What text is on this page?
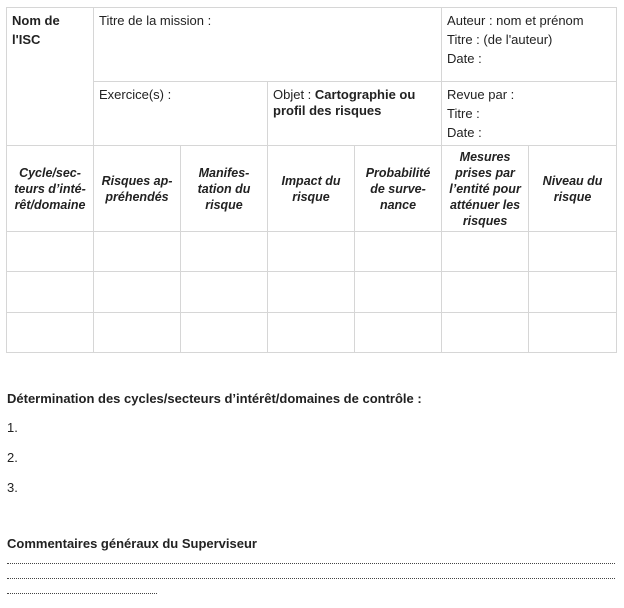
Nom de l'ISC	Titre de la mission :				Auteur : nom et prénom
Titre : (de l'auteur)
Date :	

	Exercice(s) :		Objet : Cartographie ou profil des risques		Revue par :
Titre :
Date :	

Cycle/sec-teurs d’inté-rêt/domaine	Risques ap-préhendés	Manifes-tation du risque	Impact du risque	Probabilité de surve-nance	Mesures prises par l’entité pour atténuer les risques	Niveau du risque

Détermination des cycles/secteurs d’intérêt/domaines de contrôle :
1.
2.
3.
Commentaires généraux du Superviseur
